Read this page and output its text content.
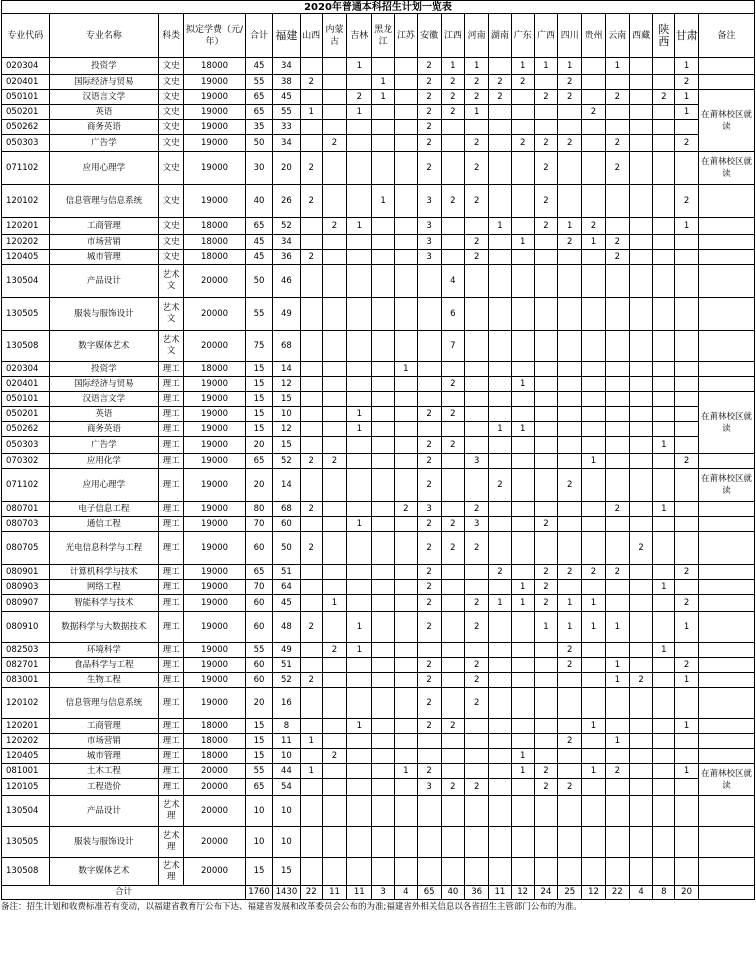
2020年普通本科招生计划一览表
专业代码	专业名称	科类	拟定学费（元/年）	合计	福建	山西	内蒙古	吉林	黑龙江	江苏	安徽	江西	河南	湖南	广东	广西	四川	贵州	云南	西藏	陕西	甘肃	备注
020304	投资学	文史	18000	45	34			1			2	1	1		1	1	1		1			1	
020401	国际经济与贸易	文史	19000	55	38	2			1		2	2	2	2	2		2					2	
050101	汉语言文学	文史	19000	65	45			2	1		2	2	2	2		2	2		2		2	1	在莆林校区就读
050201	英语	文史	19000	65	55	1		1			2	2	1					2				1	
050262	商务英语	文史	19000	35	33						2												
050303	广告学	文史	19000	50	34		2				2		2		2	2	2		2			2	
071102	应用心理学	文史	19000	30	20	2					2		2			2			2				在莆林校区就读
120102	信息管理与信息系统	文史	19000	40	26	2			1		3	2	2			2						2	
120201	工商管理	文史	18000	65	52		2	1			3			1		2	1	2				1	
120202	市场营销	文史	18000	45	34						3		2		1		2	1	2				
120405	城市管理	文史	18000	45	36	2					3		2						2				
130504	产品设计	艺术文	20000	50	46							4											
130505	服装与服饰设计	艺术文	20000	55	49							6											
130508	数字媒体艺术	艺术文	20000	75	68							7											
020304	投资学	理工	18000	15	14					1													
020401	国际经济与贸易	理工	19000	15	12							2			1								
050101	汉语言文学	理工	19000	15	15																		在莆林校区就读
050201	英语	理工	19000	15	10			1			2	2											
050262	商务英语	理工	19000	15	12			1						1	1								
050303	广告学	理工	19000	20	15						2	2									1		
070302	应用化学	理工	19000	65	52	2	2				2		3					1				2	
071102	应用心理学	理工	19000	20	14						2			2			2						在莆林校区就读
080701	电子信息工程	理工	19000	80	68	2				2	3		2						2		1		
080703	通信工程	理工	19000	70	60			1			2	2	3			2							
080705	光电信息科学与工程	理工	19000	60	50	2					2	2	2							2			
080901	计算机科学与技术	理工	19000	65	51						2			2		2	2	2	2			2	
080903	网络工程	理工	19000	70	64						2				1	2					1		
080907	智能科学与技术	理工	19000	60	45		1				2		2	1	1	2	1	1				2	
080910	数据科学与大数据技术	理工	19000	60	48	2		1			2		2			1	1	1	1			1	
082503	环境科学	理工	19000	55	49		2	1									2				1		
082701	食品科学与工程	理工	19000	60	51						2		2				2		1			2	
083001	生物工程	理工	19000	60	52	2					2		2						1	2		1	
120102	信息管理与信息系统	理工	19000	20	16						2		2										
120201	工商管理	理工	18000	15	8			1			2	2						1				1	
120202	市场营销	理工	18000	15	11	1											2		1				
120405	城市管理	理工	18000	15	10		2								1								
081001	土木工程	理工	20000	55	44	1				1	2				1	2		1	2			1	在莆林校区就读
120105	工程造价	理工	20000	65	54						3	2	2			2	2						
130504	产品设计	艺术理	20000	10	10																		
130505	服装与服饰设计	艺术理	20000	10	10																		
130508	数字媒体艺术	艺术理	20000	15	15																		
合计				1760	1430	22	11	11	3	4	65	40	36	11	12	24	25	12	22	4	8	20	
备注：招生计划和收费标准若有变动，以福建省教育厅公布下达、福建省发展和改革委员会公布的为准;福建省外相关信息以各省招生主管部门公布的为准。
